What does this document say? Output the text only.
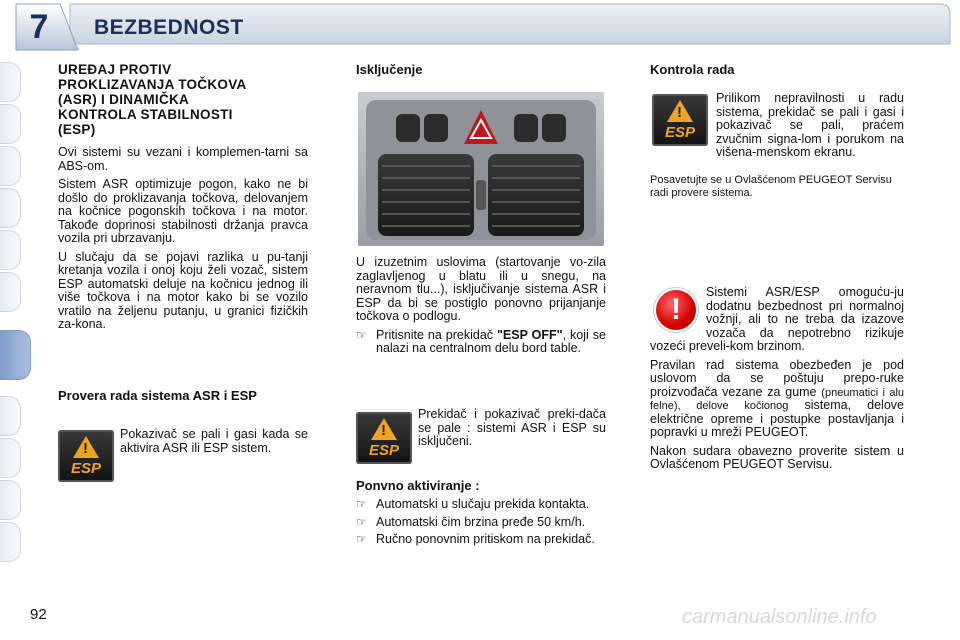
7	BEZBEDNOST
UREĐAJ PROTIV
PROKLIZAVANJA TOČKOVA
(ASR) I DINAMIČKA
KONTROLA STABILNOSTI
(ESP)

Ovi sistemi su vezani i komplemen-tarni sa ABS-om.

Sistem ASR optimizuje pogon, kako ne bi došlo do proklizavanja točkova, delovanjem na kočnice pogonskih točkova i na motor. Takođe doprinosi stabilnosti držanja pravca vozila pri ubrzavanju.

U slučaju da se pojavi razlika u pu-tanji kretanja vozila i onoj koju želi vozač, sistem ESP automatski deluje na kočnicu jednog ili više točkova i na motor kako bi se vozilo vratilo na željenu putanju, u granici fizičkih za-kona.

Provera rada sistema ASR i ESP
!
ESP
Pokazivač se pali i gasi kada se aktivira ASR ili ESP sistem.
Isključenje

U izuzetnim uslovima (startovanje vo-zila zaglavljenog u blatu ili u snegu, na neravnom tlu...), isključivanje sistema ASR i ESP da bi se postiglo ponovno prijanjanje točkova o podlogu.

☞ Pritisnite na prekidač "ESP OFF", koji se nalazi na centralnom delu bord table.
!
ESP
Prekidač i pokazivač preki-dača se pale : sistemi ASR i ESP su isključeni.
Ponvno aktiviranje :
☞ Automatski u slučaju prekida kontakta.
☞ Automatski čim brzina pređe 50 km/h.
☞ Ručno ponovnim pritiskom na prekidač.
Kontrola rada
!
ESP
Prilikom nepravilnosti u radu sistema, prekidač se pali i gasi i pokazivač se pali, praćem zvučnim signa-lom i porukom na višena-menskom ekranu.
Posavetujte se u Ovlašćenom PEUGEOT Servisu radi provere sistema.
!

Sistemi ASR/ESP omoguću-ju dodatnu bezbednost pri normalnoj vožnji, ali to ne treba da izazove vozača da nepotrebno rizikuje vozeći preveli-kom brzinom.

Pravilan rad sistema obezbeđen je pod uslovom da se poštuju prepo-ruke proizvođača vezane za gume (pneumatici i alu felne), delove kočionog sistema, delove električne opreme i postupke postavljanja i popravki u mreži PEUGEOT.

Nakon sudara obavezno proverite sistem u Ovlašćenom PEUGEOT Servisu.

92	carmanualsonline.info
